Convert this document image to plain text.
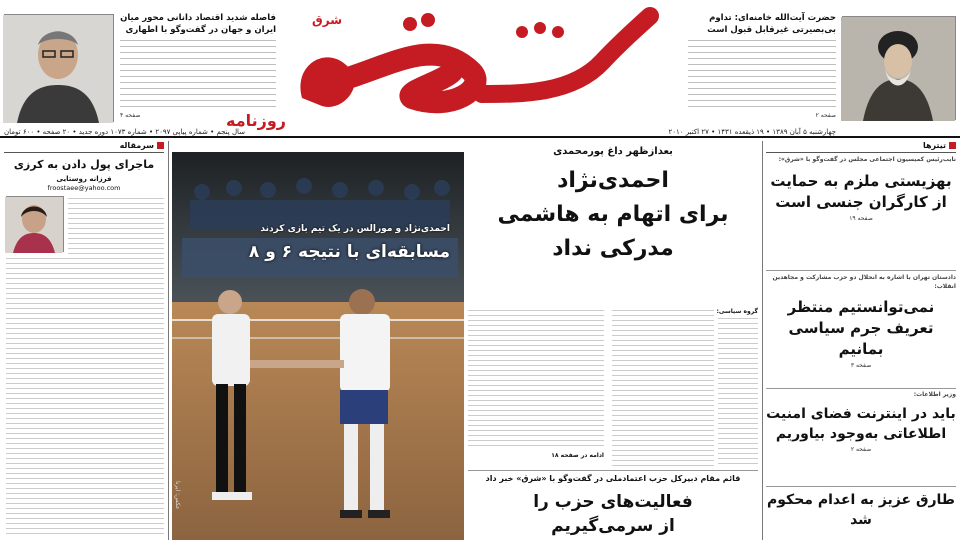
حضرت آیت‌الله خامنه‌ای: تداوم
بی‌بصیرتی غیرقابل قبول است
صفحه ۲
شرق
روزنامه
چهارشنبه ۵ آبان ۱۳۸۹ • ۱۹ ذیقعده ۱۴۳۱ • ۲۷ اکتبر ۲۰۱۰
سال پنجم • شماره پیاپی ۲۰۹۷ • شماره ۱۰۷۳ دوره جدید • ۲۰ صفحه • ۶۰۰ تومان
فاصله شدید اقتصاد دانانی محور میان
ایران و جهان در گفت‌وگو با اطهاری
صفحه ۴
تیترها
نایب‌رئیس کمیسیون اجتماعی مجلس در گفت‌وگو با «شرق»:
بهزیستی ملزم به حمایت از کارگران جنسی است
صفحه ۱۹
دادستان تهران با اشاره به انحلال دو حزب مشارکت و مجاهدین انقلاب:
نمی‌توانستیم منتظر تعریف جرم سیاسی بمانیم
صفحه ۳
وزیر اطلاعات:
باید در اینترنت فضای امنیت اطلاعاتی به‌وجود بیاوریم
صفحه ۲
طارق عزیز به اعدام محکوم شد
بعدازظهر داغ پورمحمدی
احمدی‌نژاد
برای اتهام به هاشمی
مدرکی نداد
گروه سیاسی:
ادامه در صفحه ۱۸
قائم مقام دبیرکل حزب اعتمادملی در گفت‌وگو با «شرق» خبر داد
فعالیت‌های حزب را
از سرمی‌گیریم
احمدی‌نژاد و مورالس در یک تیم بازی کردند
مسابقه‌ای با نتیجه ۶ و ۸
عکس: ایرنا
سرمقاله
ماجرای پول دادن به کرزی
فرزانه روستایی
froostaee@yahoo.com
